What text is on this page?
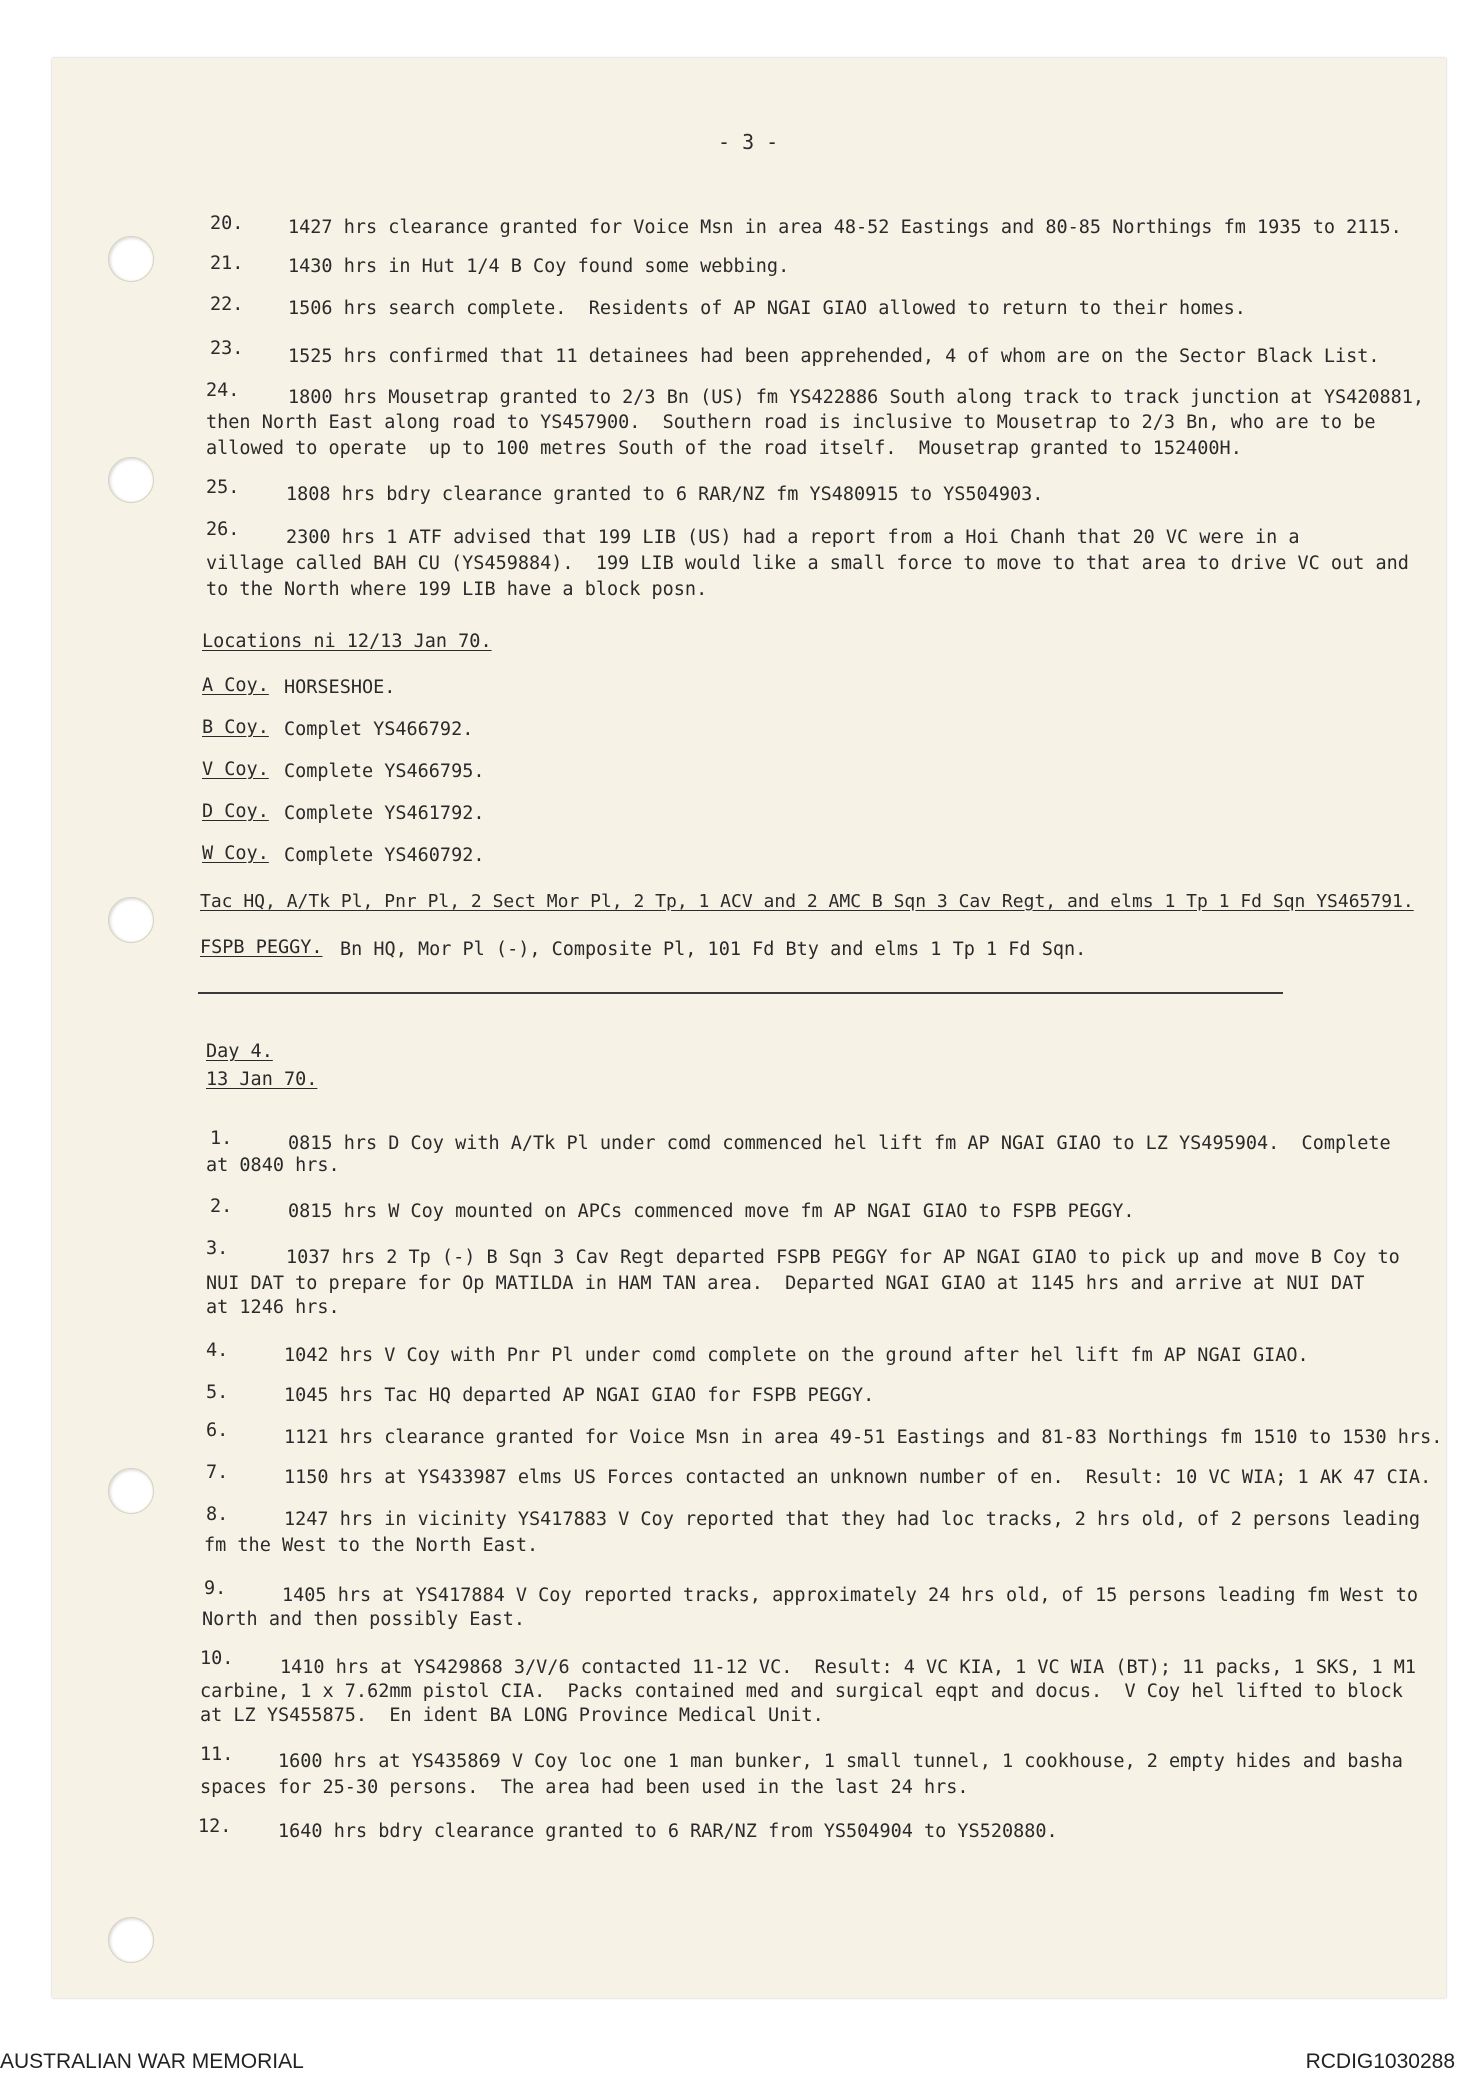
- 3 -
20. 1427 hrs clearance granted for Voice Msn in area 48-52 Eastings and 80-85 Northings fm 1935 to 2115.
21. 1430 hrs in Hut 1/4 B Coy found some webbing.
22. 1506 hrs search complete.  Residents of AP NGAI GIAO allowed to return to their homes.
23. 1525 hrs confirmed that 11 detainees had been apprehended, 4 of whom are on the Sector Black List.
24.	1800 hrs Mousetrap granted to 2/3 Bn (US) fm YS422886 South along track to track junction at YS420881,
then North East along road to YS457900.  Southern road is inclusive to Mousetrap to 2/3 Bn, who are to be
allowed to operate  up to 100 metres South of the road itself.  Mousetrap granted to 152400H.
25.	1808 hrs bdry clearance granted to 6 RAR/NZ fm YS480915 to YS504903.
26.	2300 hrs 1 ATF advised that 199 LIB (US) had a report from a Hoi Chanh that 20 VC were in a
village called BAH CU (YS459884).  199 LIB would like a small force to move to that area to drive VC out and
to the North where 199 LIB have a block posn.
Locations ni 12/13 Jan 70.
A Coy. HORSESHOE.
B Coy. Complet YS466792.
V Coy. Complete YS466795.
D Coy. Complete YS461792.
W Coy. Complete YS460792.
Tac HQ, A/Tk Pl, Pnr Pl, 2 Sect Mor Pl, 2 Tp, 1 ACV and 2 AMC B Sqn 3 Cav Regt, and elms 1 Tp 1 Fd Sqn YS465791.
FSPB PEGGY. Bn HQ, Mor Pl (-), Composite Pl, 101 Fd Bty and elms 1 Tp 1 Fd Sqn.
Day 4.
13 Jan 70.
1.	0815 hrs D Coy with A/Tk Pl under comd commenced hel lift fm AP NGAI GIAO to LZ YS495904.  Complete
at 0840 hrs.
2.	0815 hrs W Coy mounted on APCs commenced move fm AP NGAI GIAO to FSPB PEGGY.
3.	1037 hrs 2 Tp (-) B Sqn 3 Cav Regt departed FSPB PEGGY for AP NGAI GIAO to pick up and move B Coy to
NUI DAT to prepare for Op MATILDA in HAM TAN area.  Departed NGAI GIAO at 1145 hrs and arrive at NUI DAT
at 1246 hrs.
4.	1042 hrs V Coy with Pnr Pl under comd complete on the ground after hel lift fm AP NGAI GIAO.
5.	1045 hrs Tac HQ departed AP NGAI GIAO for FSPB PEGGY.
6.	1121 hrs clearance granted for Voice Msn in area 49-51 Eastings and 81-83 Northings fm 1510 to 1530 hrs.
7.	1150 hrs at YS433987 elms US Forces contacted an unknown number of en.  Result: 10 VC WIA; 1 AK 47 CIA.
8.	1247 hrs in vicinity YS417883 V Coy reported that they had loc tracks, 2 hrs old, of 2 persons leading
fm the West to the North East.
9.	1405 hrs at YS417884 V Coy reported tracks, approximately 24 hrs old, of 15 persons leading fm West to
North and then possibly East.
10.	1410 hrs at YS429868 3/V/6 contacted 11-12 VC.  Result: 4 VC KIA, 1 VC WIA (BT); 11 packs, 1 SKS, 1 M1
carbine, 1 x 7.62mm pistol CIA.  Packs contained med and surgical eqpt and docus.  V Coy hel lifted to block
at LZ YS455875.  En ident BA LONG Province Medical Unit.
11. 1600 hrs at YS435869 V Coy loc one 1 man bunker, 1 small tunnel, 1 cookhouse, 2 empty hides and basha
spaces for 25-30 persons.  The area had been used in the last 24 hrs.
12.	1640 hrs bdry clearance granted to 6 RAR/NZ from YS504904 to YS520880.
AUSTRALIAN WAR MEMORIAL	RCDIG1030288
